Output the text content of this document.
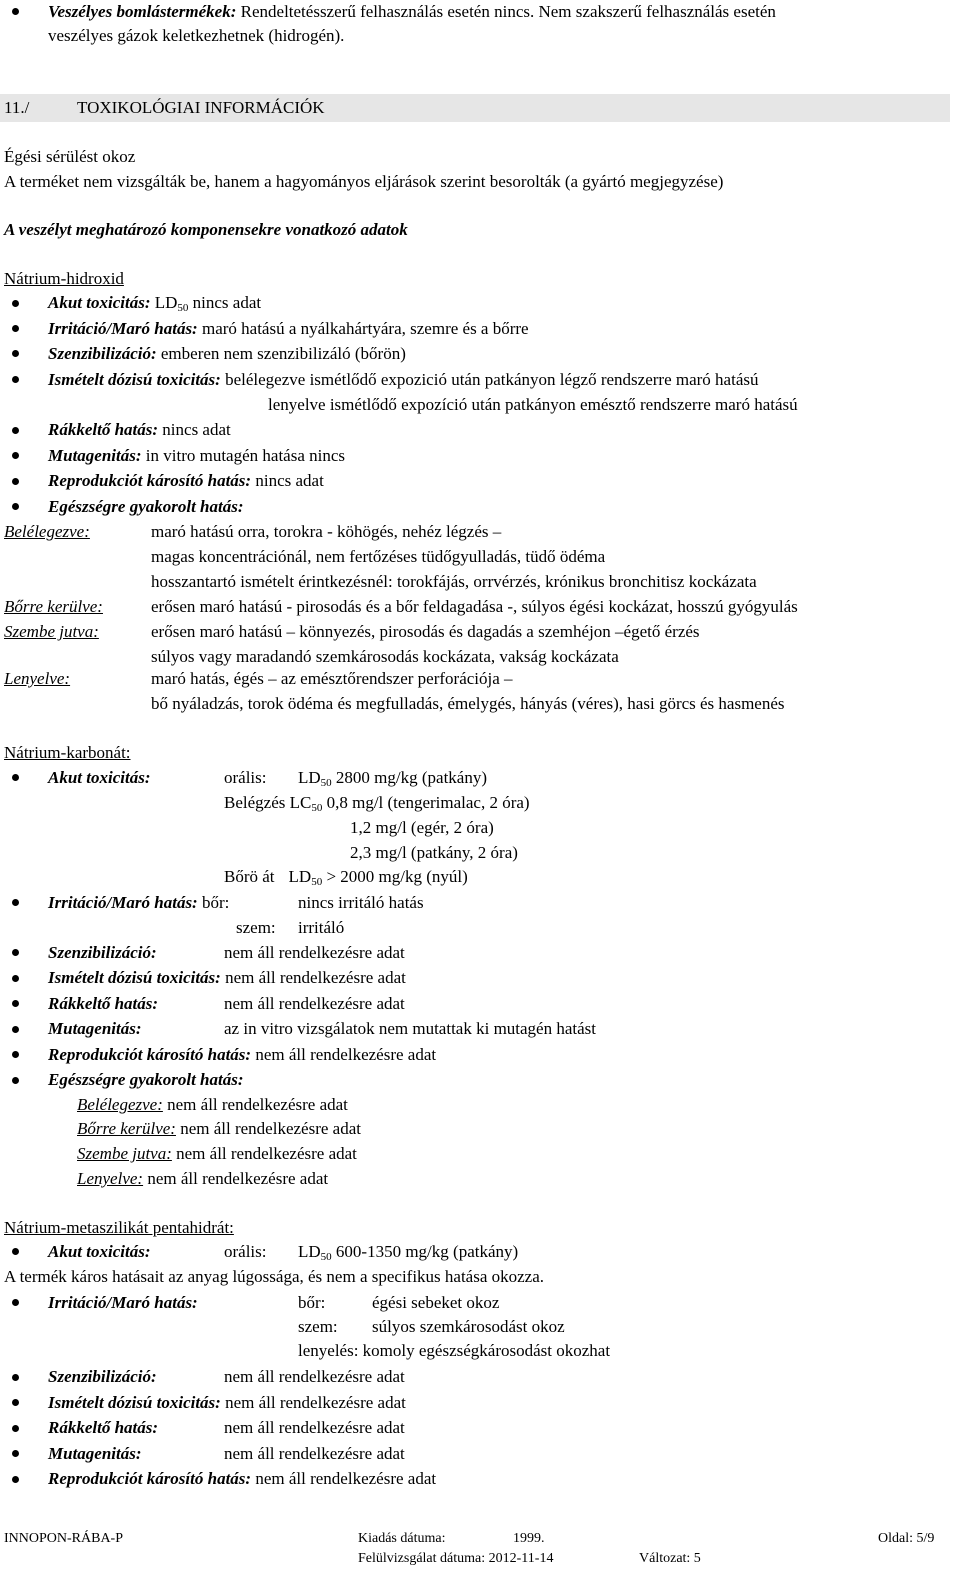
Veszélyes bomlástermékek: Rendeltetésszerű felhasználás esetén nincs. Nem szakszerű felhasználás esetén
veszélyes gázok keletkezhetnek (hidrogén).
11./	TOXIKOLÓGIAI INFORMÁCIÓK
Égési sérülést okoz
A terméket nem vizsgálták be, hanem a hagyományos eljárások szerint besorolták (a gyártó megjegyzése)
A veszélyt meghatározó komponensekre vonatkozó adatok
Nátrium-hidroxid
Akut toxicitás: $LD_{50}$ nincs adat
Irritáció/Maró hatás: maró hatású a nyálkahártyára, szemre és a bőrre
Szenzibilizáció: emberen nem szenzibilizáló (bőrön)
Ismételt dózisú toxicitás: belélegezve ismétlődő expozició után patkányon légző rendszerre maró hatású
lenyelve ismétlődő expozíció után patkányon emésztő rendszerre maró hatású
Rákkeltő hatás: nincs adat
Mutagenitás: in vitro mutagén hatása nincs
Reprodukciót károsító hatás: nincs adat
Egészségre gyakorolt hatás:
Belélegezve:	maró hatású orra, torokra - köhögés, nehéz légzés –
magas koncentrációnál, nem fertőzéses tüdőgyulladás, tüdő ödéma
hosszantartó ismételt érintkezésnél: torokfájás, orrvérzés, krónikus bronchitisz kockázata
Bőrre kerülve:	erősen maró hatású - pirosodás és a bőr feldagadása -, súlyos égési kockázat, hosszú gyógyulás
Szembe jutva:	erősen maró hatású – könnyezés, pirosodás és dagadás a szemhéjon –égető érzés
súlyos vagy maradandó szemkárosodás kockázata, vakság kockázata
Lenyelve:	maró hatás, égés – az emésztőrendszer perforációja –
bő nyáladzás, torok ödéma és megfulladás, émelygés, hányás (véres), hasi görcs és hasmenés
Nátrium-karbonát:
Akut toxicitás:	orális: $LD_{50}$ 2800 mg/kg (patkány)
Belégzés $LC_{50}$ 0,8 mg/l (tengerimalac, 2 óra)
1,2 mg/l (egér, 2 óra)
2,3 mg/l (patkány, 2 óra)
Bőrö át $LD_{50} > 2000$ mg/kg (nyúl)
Irritáció/Maró hatás: bőr:	nincs irritáló hatás
szem: irritáló
Szenzibilizáció:	nem áll rendelkezésre adat
Ismételt dózisú toxicitás: nem áll rendelkezésre adat
Rákkeltő hatás:	nem áll rendelkezésre adat
Mutagenitás:	az in vitro vizsgálatok nem mutattak ki mutagén hatást
Reprodukciót károsító hatás: nem áll rendelkezésre adat
Egészségre gyakorolt hatás:
Belélegezve: nem áll rendelkezésre adat
Bőrre kerülve: nem áll rendelkezésre adat
Szembe jutva: nem áll rendelkezésre adat
Lenyelve: nem áll rendelkezésre adat
Nátrium-metaszilikát pentahidrát:
Akut toxicitás:	orális: $LD_{50}$ 600-1350 mg/kg (patkány)
A termék káros hatásait az anyag lúgossága, és nem a specifikus hatása okozza.
Irritáció/Maró hatás:	bőr:	égési sebeket okoz
szem: súlyos szemkárosodást okoz
lenyelés: komoly egészségkárosodást okozhat
Szenzibilizáció:	nem áll rendelkezésre adat
Ismételt dózisú toxicitás: nem áll rendelkezésre adat
Rákkeltő hatás:	nem áll rendelkezésre adat
Mutagenitás:	nem áll rendelkezésre adat
Reprodukciót károsító hatás: nem áll rendelkezésre adat
INNOPON-RÁBA-P	Kiadás dátuma:	1999.	Oldal: 5/9
Felülvizsgálat dátuma: 2012-11-14	Változat: 5
